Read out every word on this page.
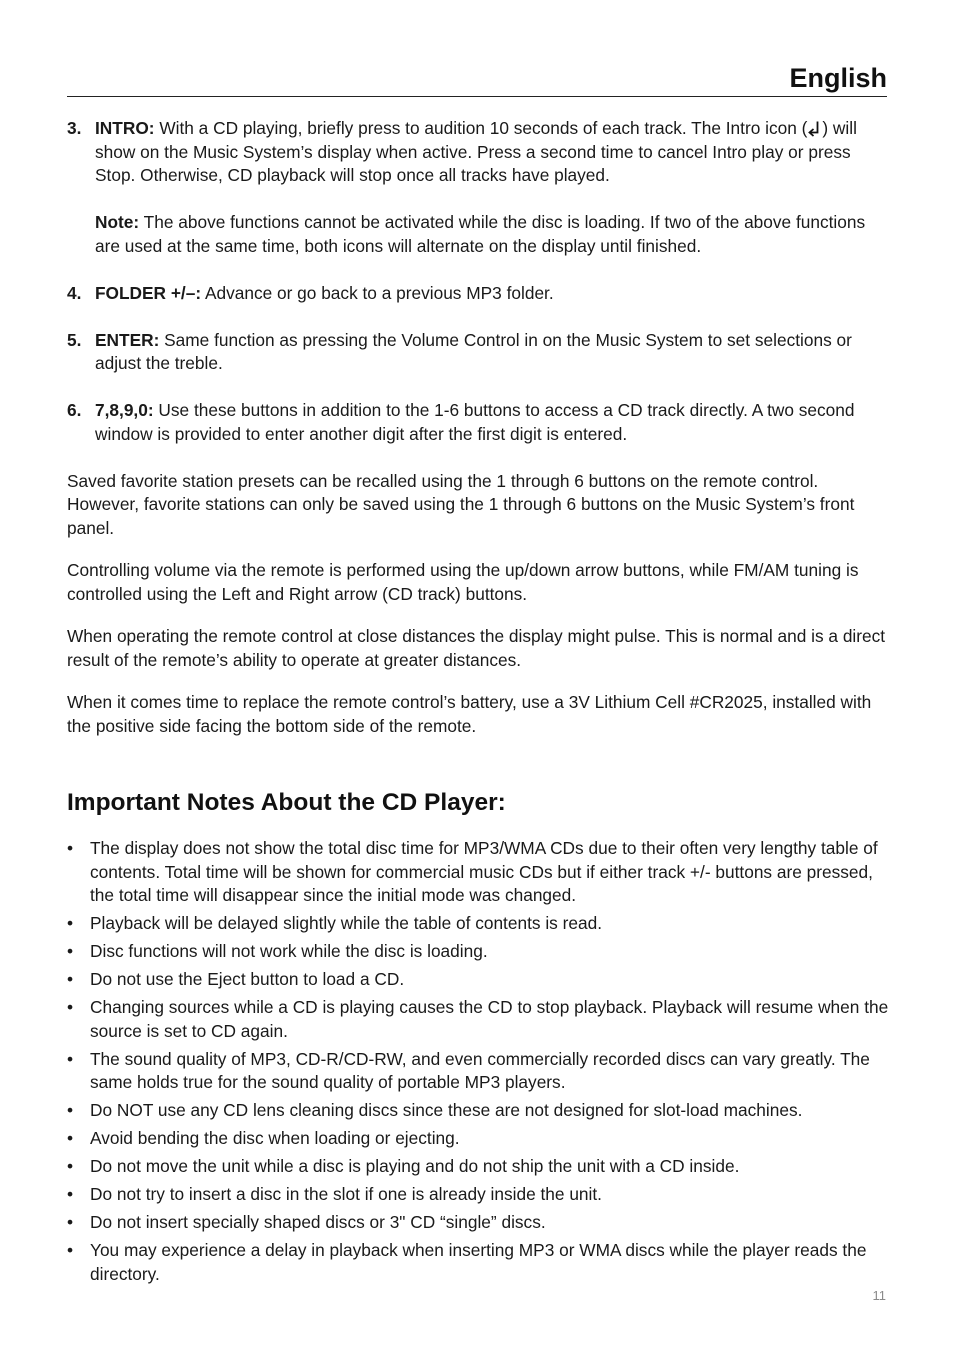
English
3. INTRO: With a CD playing, briefly press to audition 10 seconds of each track. The Intro icon ( ) will show on the Music System’s display when active. Press a second time to cancel Intro play or press Stop. Otherwise, CD playback will stop once all tracks have played.

Note: The above functions cannot be activated while the disc is loading. If two of the above functions are used at the same time, both icons will alternate on the display until finished.

4. FOLDER +/–: Advance or go back to a previous MP3 folder.

5. ENTER: Same function as pressing the Volume Control in on the Music System to set selections or adjust the treble.

6. 7,8,9,0: Use these buttons in addition to the 1-6 buttons to access a CD track directly. A two second window is provided to enter another digit after the first digit is entered.

Saved favorite station presets can be recalled using the 1 through 6 buttons on the remote control. However, favorite stations can only be saved using the 1 through 6 buttons on the Music System’s front panel.

Controlling volume via the remote is performed using the up/down arrow buttons, while FM/AM tuning is controlled using the Left and Right arrow (CD track) buttons.

When operating the remote control at close distances the display might pulse. This is normal and is a direct result of the remote’s ability to operate at greater distances.

When it comes time to replace the remote control’s battery, use a 3V Lithium Cell #CR2025, installed with the positive side facing the bottom side of the remote.

Important Notes About the CD Player:
• The display does not show the total disc time for MP3/WMA CDs due to their often very lengthy table of contents. Total time will be shown for commercial music CDs but if either track +/- buttons are pressed, the total time will disappear since the initial mode was changed.
• Playback will be delayed slightly while the table of contents is read.
• Disc functions will not work while the disc is loading.
• Do not use the Eject button to load a CD.
• Changing sources while a CD is playing causes the CD to stop playback. Playback will resume when the source is set to CD again.
• The sound quality of MP3, CD-R/CD-RW, and even commercially recorded discs can vary greatly. The same holds true for the sound quality of portable MP3 players.
• Do NOT use any CD lens cleaning discs since these are not designed for slot-load machines.
• Avoid bending the disc when loading or ejecting.
• Do not move the unit while a disc is playing and do not ship the unit with a CD inside.
• Do not try to insert a disc in the slot if one is already inside the unit.
• Do not insert specially shaped discs or 3" CD “single” discs.
• You may experience a delay in playback when inserting MP3 or WMA discs while the player reads the directory.
11
